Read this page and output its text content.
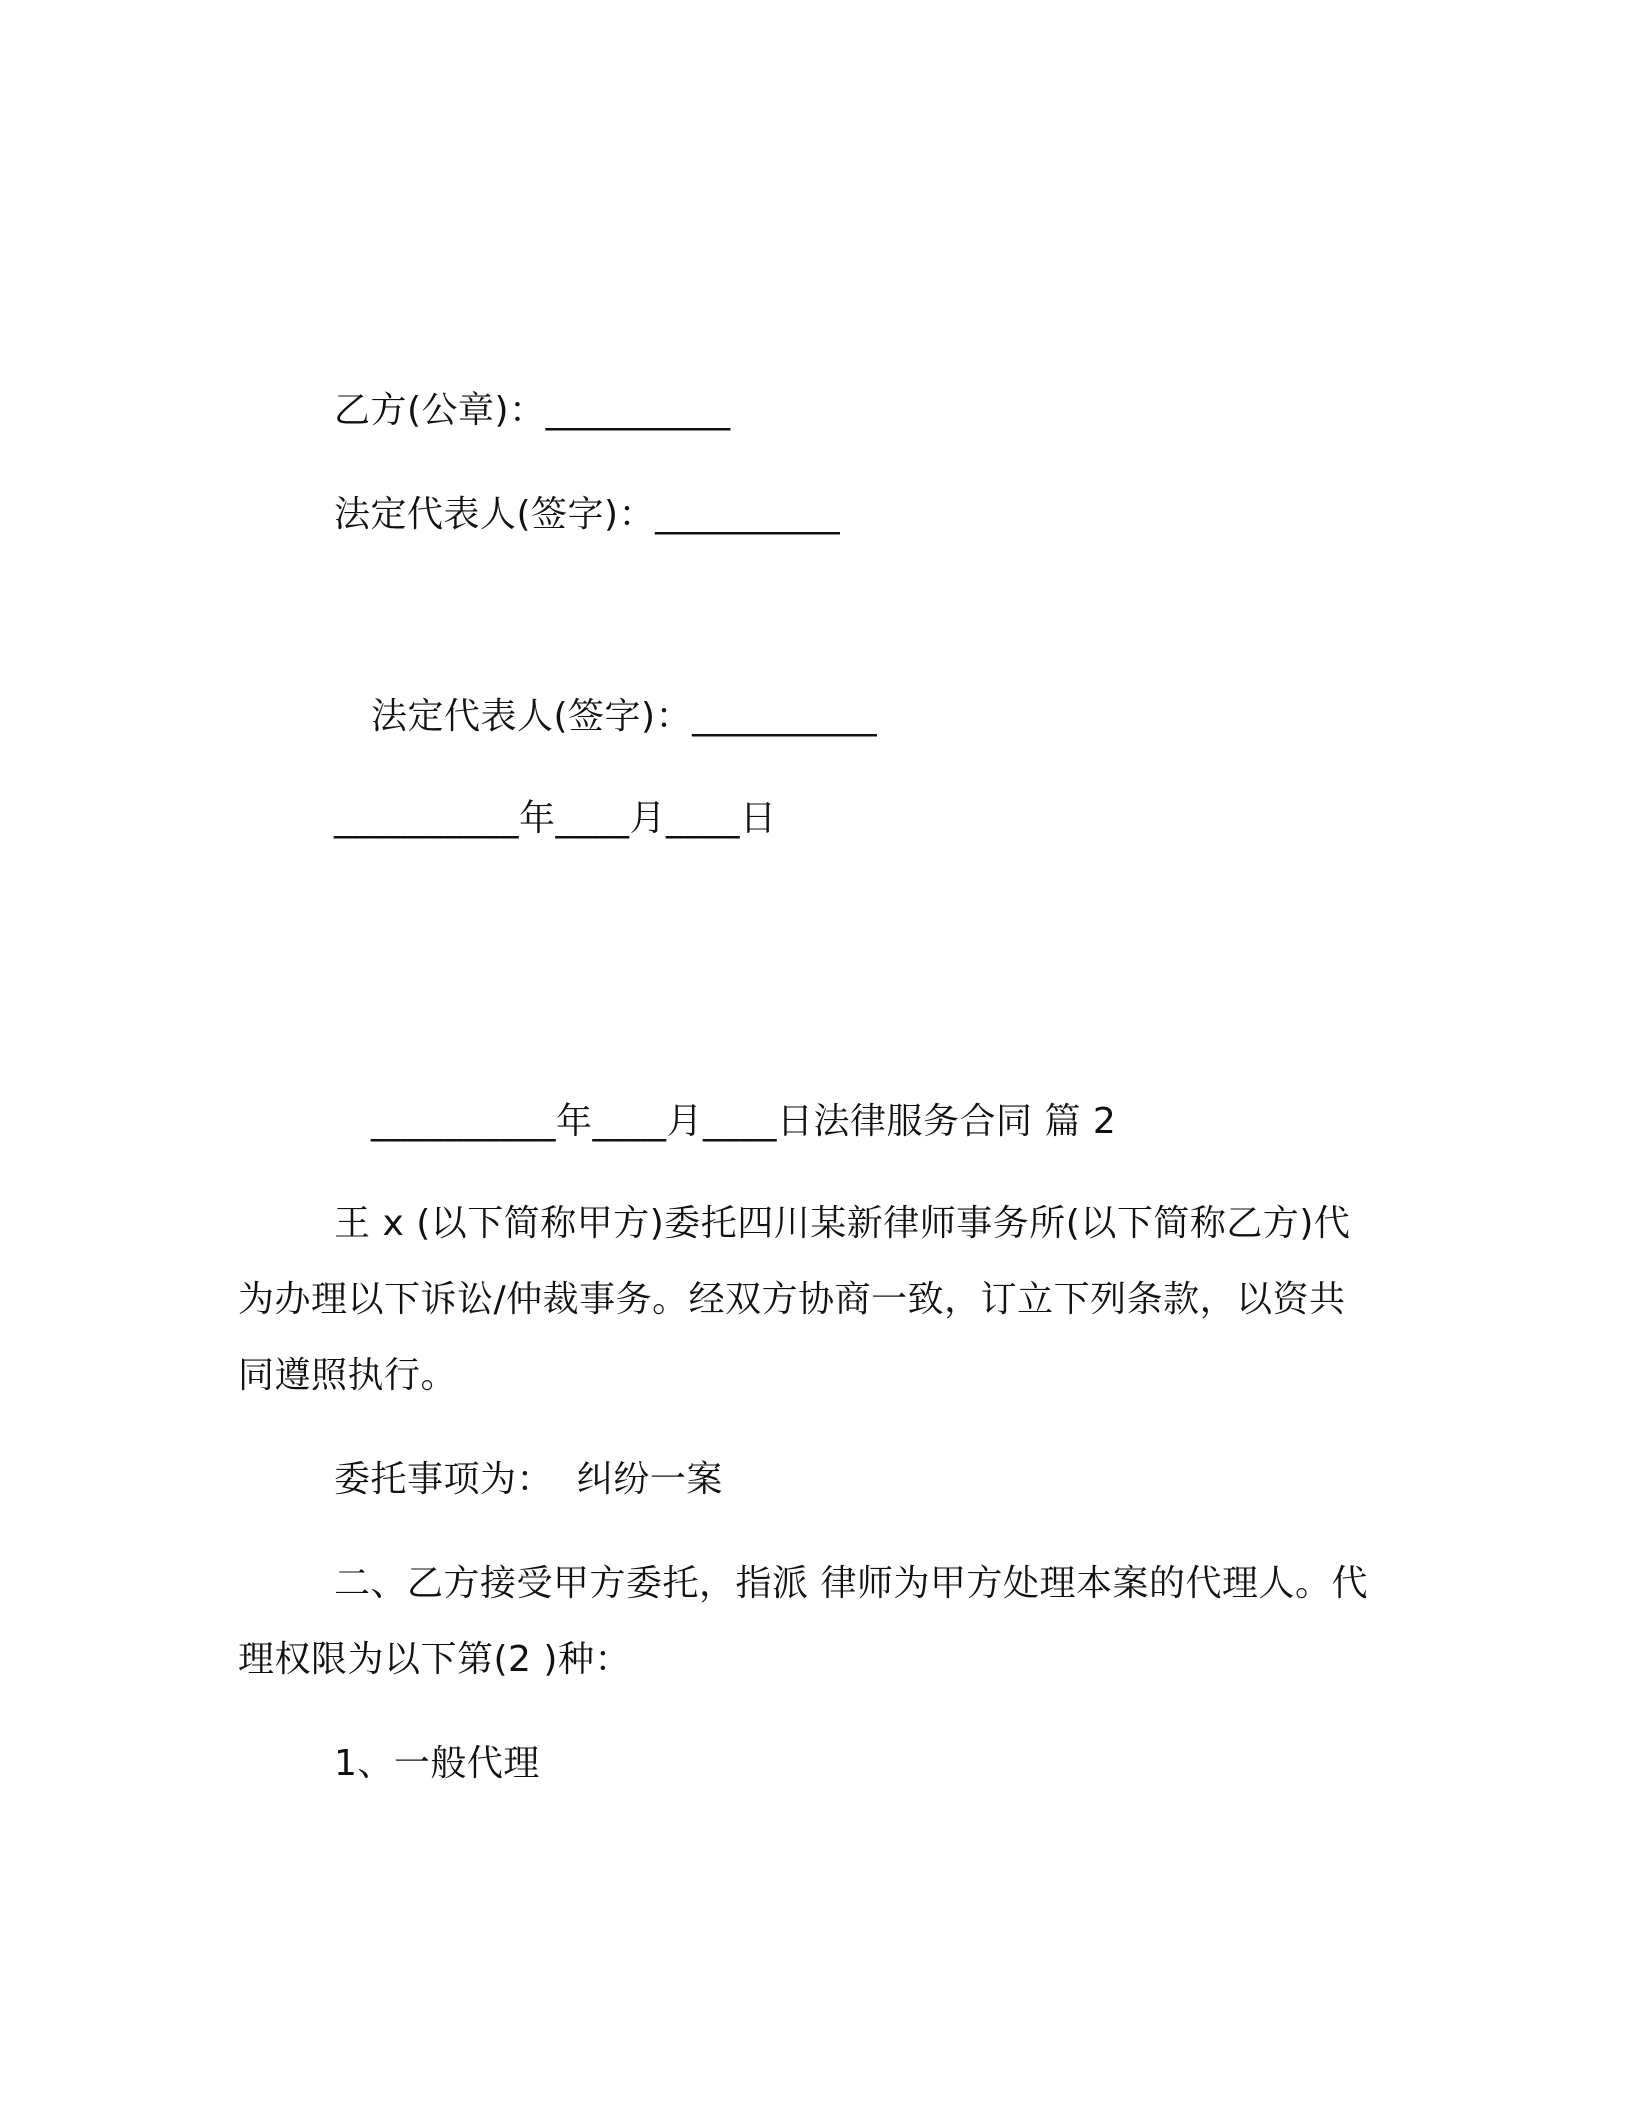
乙方(公章)：__________
法定代表人(签字)：__________
法定代表人(签字)：__________
__________年____月____日
__________年____月____日法律服务合同 篇 2
王 x (以下简称甲方)委托四川某新律师事务所(以下简称乙方)代
为办理以下诉讼/仲裁事务。经双方协商一致，订立下列条款，以资共
同遵照执行。
委托事项为：  纠纷一案
二、乙方接受甲方委托，指派 律师为甲方处理本案的代理人。代
理权限为以下第(2 )种：
1、一般代理
